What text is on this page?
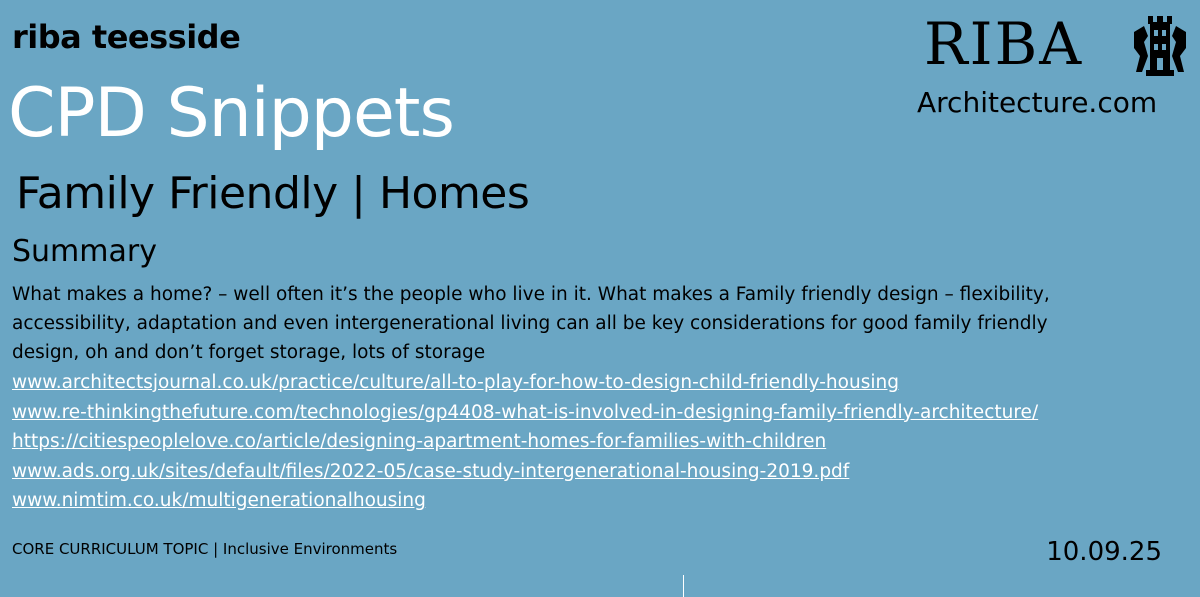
riba teesside
CPD Snippets
Family Friendly | Homes
RIBA
Architecture.com
Summary
What makes a home? – well often it’s the people who live in it. What makes a Family friendly design – flexibility, accessibility, adaptation and even intergenerational living can all be key considerations for good family friendly design, oh and don’t forget storage, lots of storage
www.architectsjournal.co.uk/practice/culture/all-to-play-for-how-to-design-child-friendly-housing
www.re-thinkingthefuture.com/technologies/gp4408-what-is-involved-in-designing-family-friendly-architecture/
https://citiespeoplelove.co/article/designing-apartment-homes-for-families-with-children
www.ads.org.uk/sites/default/files/2022-05/case-study-intergenerational-housing-2019.pdf
www.nimtim.co.uk/multigenerationalhousing
CORE CURRICULUM TOPIC | Inclusive Environments	10.09.25
